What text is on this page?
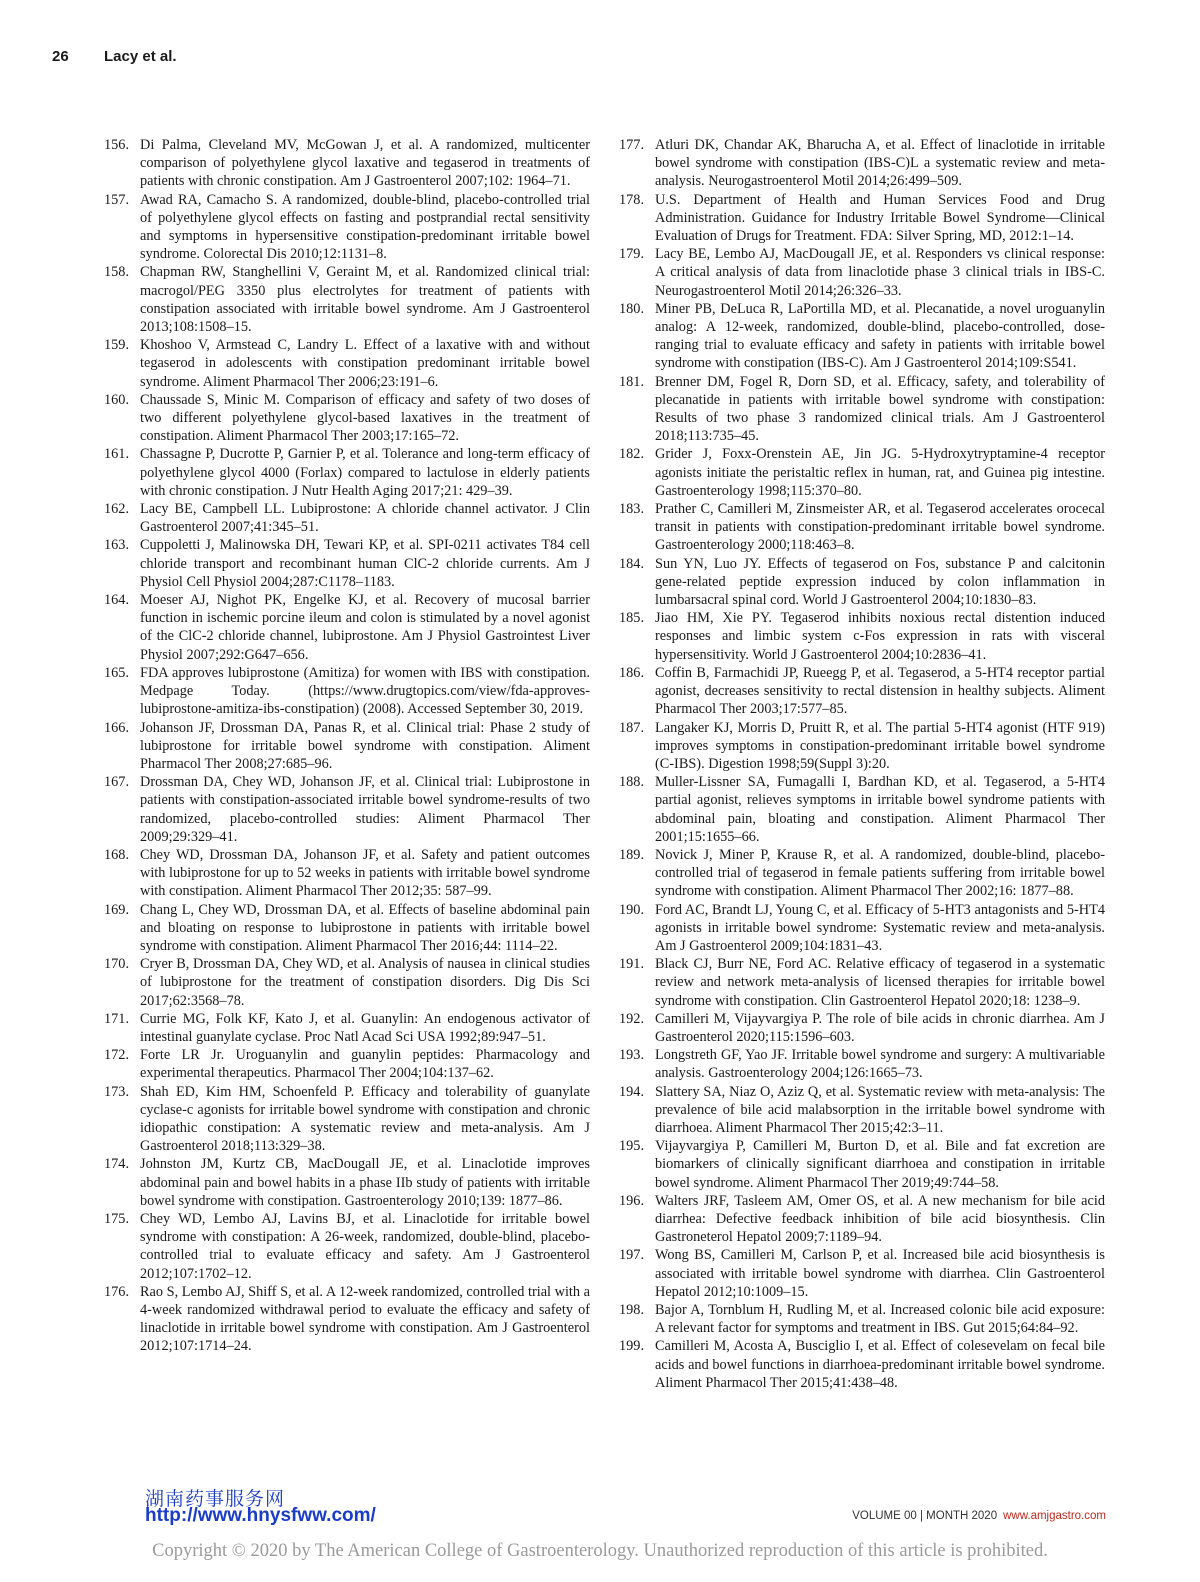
26 Lacy et al.
156. Di Palma, Cleveland MV, McGowan J, et al. A randomized, multicenter comparison of polyethylene glycol laxative and tegaserod in treatments of patients with chronic constipation. Am J Gastroenterol 2007;102: 1964–71.
157. Awad RA, Camacho S. A randomized, double-blind, placebo-controlled trial of polyethylene glycol effects on fasting and postprandial rectal sensitivity and symptoms in hypersensitive constipation-predominant irritable bowel syndrome. Colorectal Dis 2010;12:1131–8.
158. Chapman RW, Stanghellini V, Geraint M, et al. Randomized clinical trial: macrogol/PEG 3350 plus electrolytes for treatment of patients with constipation associated with irritable bowel syndrome. Am J Gastroenterol 2013;108:1508–15.
159. Khoshoo V, Armstead C, Landry L. Effect of a laxative with and without tegaserod in adolescents with constipation predominant irritable bowel syndrome. Aliment Pharmacol Ther 2006;23:191–6.
160. Chaussade S, Minic M. Comparison of efficacy and safety of two doses of two different polyethylene glycol-based laxatives in the treatment of constipation. Aliment Pharmacol Ther 2003;17:165–72.
161. Chassagne P, Ducrotte P, Garnier P, et al. Tolerance and long-term efficacy of polyethylene glycol 4000 (Forlax) compared to lactulose in elderly patients with chronic constipation. J Nutr Health Aging 2017;21: 429–39.
162. Lacy BE, Campbell LL. Lubiprostone: A chloride channel activator. J Clin Gastroenterol 2007;41:345–51.
163. Cuppoletti J, Malinowska DH, Tewari KP, et al. SPI-0211 activates T84 cell chloride transport and recombinant human ClC-2 chloride currents. Am J Physiol Cell Physiol 2004;287:C1178–1183.
164. Moeser AJ, Nighot PK, Engelke KJ, et al. Recovery of mucosal barrier function in ischemic porcine ileum and colon is stimulated by a novel agonist of the ClC-2 chloride channel, lubiprostone. Am J Physiol Gastrointest Liver Physiol 2007;292:G647–656.
165. FDA approves lubiprostone (Amitiza) for women with IBS with constipation. Medpage Today. (https://www.drugtopics.com/view/fda-approves-lubiprostone-amitiza-ibs-constipation) (2008). Accessed September 30, 2019.
166. Johanson JF, Drossman DA, Panas R, et al. Clinical trial: Phase 2 study of lubiprostone for irritable bowel syndrome with constipation. Aliment Pharmacol Ther 2008;27:685–96.
167. Drossman DA, Chey WD, Johanson JF, et al. Clinical trial: Lubiprostone in patients with constipation-associated irritable bowel syndrome-results of two randomized, placebo-controlled studies: Aliment Pharmacol Ther 2009;29:329–41.
168. Chey WD, Drossman DA, Johanson JF, et al. Safety and patient outcomes with lubiprostone for up to 52 weeks in patients with irritable bowel syndrome with constipation. Aliment Pharmacol Ther 2012;35: 587–99.
169. Chang L, Chey WD, Drossman DA, et al. Effects of baseline abdominal pain and bloating on response to lubiprostone in patients with irritable bowel syndrome with constipation. Aliment Pharmacol Ther 2016;44: 1114–22.
170. Cryer B, Drossman DA, Chey WD, et al. Analysis of nausea in clinical studies of lubiprostone for the treatment of constipation disorders. Dig Dis Sci 2017;62:3568–78.
171. Currie MG, Folk KF, Kato J, et al. Guanylin: An endogenous activator of intestinal guanylate cyclase. Proc Natl Acad Sci USA 1992;89:947–51.
172. Forte LR Jr. Uroguanylin and guanylin peptides: Pharmacology and experimental therapeutics. Pharmacol Ther 2004;104:137–62.
173. Shah ED, Kim HM, Schoenfeld P. Efficacy and tolerability of guanylate cyclase-c agonists for irritable bowel syndrome with constipation and chronic idiopathic constipation: A systematic review and meta-analysis. Am J Gastroenterol 2018;113:329–38.
174. Johnston JM, Kurtz CB, MacDougall JE, et al. Linaclotide improves abdominal pain and bowel habits in a phase IIb study of patients with irritable bowel syndrome with constipation. Gastroenterology 2010;139: 1877–86.
175. Chey WD, Lembo AJ, Lavins BJ, et al. Linaclotide for irritable bowel syndrome with constipation: A 26-week, randomized, double-blind, placebo-controlled trial to evaluate efficacy and safety. Am J Gastroenterol 2012;107:1702–12.
176. Rao S, Lembo AJ, Shiff S, et al. A 12-week randomized, controlled trial with a 4-week randomized withdrawal period to evaluate the efficacy and safety of linaclotide in irritable bowel syndrome with constipation. Am J Gastroenterol 2012;107:1714–24.
177. Atluri DK, Chandar AK, Bharucha A, et al. Effect of linaclotide in irritable bowel syndrome with constipation (IBS-C)L a systematic review and meta-analysis. Neurogastroenterol Motil 2014;26:499–509.
178. U.S. Department of Health and Human Services Food and Drug Administration. Guidance for Industry Irritable Bowel Syndrome—Clinical Evaluation of Drugs for Treatment. FDA: Silver Spring, MD, 2012:1–14.
179. Lacy BE, Lembo AJ, MacDougall JE, et al. Responders vs clinical response: A critical analysis of data from linaclotide phase 3 clinical trials in IBS-C. Neurogastroenterol Motil 2014;26:326–33.
180. Miner PB, DeLuca R, LaPortilla MD, et al. Plecanatide, a novel uroguanylin analog: A 12-week, randomized, double-blind, placebo-controlled, dose-ranging trial to evaluate efficacy and safety in patients with irritable bowel syndrome with constipation (IBS-C). Am J Gastroenterol 2014;109:S541.
181. Brenner DM, Fogel R, Dorn SD, et al. Efficacy, safety, and tolerability of plecanatide in patients with irritable bowel syndrome with constipation: Results of two phase 3 randomized clinical trials. Am J Gastroenterol 2018;113:735–45.
182. Grider J, Foxx-Orenstein AE, Jin JG. 5-Hydroxytryptamine-4 receptor agonists initiate the peristaltic reflex in human, rat, and Guinea pig intestine. Gastroenterology 1998;115:370–80.
183. Prather C, Camilleri M, Zinsmeister AR, et al. Tegaserod accelerates orocecal transit in patients with constipation-predominant irritable bowel syndrome. Gastroenterology 2000;118:463–8.
184. Sun YN, Luo JY. Effects of tegaserod on Fos, substance P and calcitonin gene-related peptide expression induced by colon inflammation in lumbarsacral spinal cord. World J Gastroenterol 2004;10:1830–83.
185. Jiao HM, Xie PY. Tegaserod inhibits noxious rectal distention induced responses and limbic system c-Fos expression in rats with visceral hypersensitivity. World J Gastroenterol 2004;10:2836–41.
186. Coffin B, Farmachidi JP, Rueegg P, et al. Tegaserod, a 5-HT4 receptor partial agonist, decreases sensitivity to rectal distension in healthy subjects. Aliment Pharmacol Ther 2003;17:577–85.
187. Langaker KJ, Morris D, Pruitt R, et al. The partial 5-HT4 agonist (HTF 919) improves symptoms in constipation-predominant irritable bowel syndrome (C-IBS). Digestion 1998;59(Suppl 3):20.
188. Muller-Lissner SA, Fumagalli I, Bardhan KD, et al. Tegaserod, a 5-HT4 partial agonist, relieves symptoms in irritable bowel syndrome patients with abdominal pain, bloating and constipation. Aliment Pharmacol Ther 2001;15:1655–66.
189. Novick J, Miner P, Krause R, et al. A randomized, double-blind, placebo-controlled trial of tegaserod in female patients suffering from irritable bowel syndrome with constipation. Aliment Pharmacol Ther 2002;16: 1877–88.
190. Ford AC, Brandt LJ, Young C, et al. Efficacy of 5-HT3 antagonists and 5-HT4 agonists in irritable bowel syndrome: Systematic review and meta-analysis. Am J Gastroenterol 2009;104:1831–43.
191. Black CJ, Burr NE, Ford AC. Relative efficacy of tegaserod in a systematic review and network meta-analysis of licensed therapies for irritable bowel syndrome with constipation. Clin Gastroenterol Hepatol 2020;18: 1238–9.
192. Camilleri M, Vijayvargiya P. The role of bile acids in chronic diarrhea. Am J Gastroenterol 2020;115:1596–603.
193. Longstreth GF, Yao JF. Irritable bowel syndrome and surgery: A multivariable analysis. Gastroenterology 2004;126:1665–73.
194. Slattery SA, Niaz O, Aziz Q, et al. Systematic review with meta-analysis: The prevalence of bile acid malabsorption in the irritable bowel syndrome with diarrhoea. Aliment Pharmacol Ther 2015;42:3–11.
195. Vijayvargiya P, Camilleri M, Burton D, et al. Bile and fat excretion are biomarkers of clinically significant diarrhoea and constipation in irritable bowel syndrome. Aliment Pharmacol Ther 2019;49:744–58.
196. Walters JRF, Tasleem AM, Omer OS, et al. A new mechanism for bile acid diarrhea: Defective feedback inhibition of bile acid biosynthesis. Clin Gastroneterol Hepatol 2009;7:1189–94.
197. Wong BS, Camilleri M, Carlson P, et al. Increased bile acid biosynthesis is associated with irritable bowel syndrome with diarrhea. Clin Gastroenterol Hepatol 2012;10:1009–15.
198. Bajor A, Tornblum H, Rudling M, et al. Increased colonic bile acid exposure: A relevant factor for symptoms and treatment in IBS. Gut 2015;64:84–92.
199. Camilleri M, Acosta A, Busciglio I, et al. Effect of colesevelam on fecal bile acids and bowel functions in diarrhoea-predominant irritable bowel syndrome. Aliment Pharmacol Ther 2015;41:438–48.
湖南药事服务网
http://www.hnysfww.com/	VOLUME 00 | MONTH 2020 www.amjgastro.com
Copyright © 2020 by The American College of Gastroenterology. Unauthorized reproduction of this article is prohibited.
